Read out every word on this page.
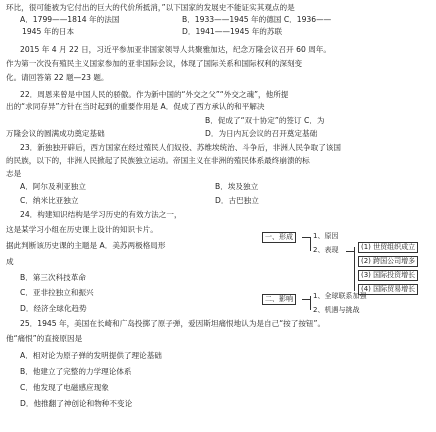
环比，很可能被为它付出的巨大的代价所抵消，”以下国家的发展史不能证实其观点的是
A．1799——1814 年的法国	B．1933——1945 年的德国 C．1936——
1945 年的日本	D．1941——1945 年的苏联
2015 年 4 月 22 日，习近平参加亚非国家领导人共聚雅加达，纪念万隆会议召开 60 周年。
作为第一次没有殖民主义国家参加的亚非国际会议，体现了国际关系和国际权利的深刻变
化。请回答第 22 题—23 题。
22．周恩来曾是中国人民的骄傲。作为新中国的“外交之父”“外交之魂”，他所提
出的“求同存异”方针在当时起到的重要作用是 A．促成了西方承认的和平解决
B．促成了“双十协定”的签订 C．为
万隆会议的圆满成功奠定基础	D．为日内瓦会议的召开奠定基础
23．新独独开辟后，西方国家在经过殖民人们奴役、苏维埃统治、斗争后，非洲人民争取了该国
的民族，以下的，非洲人民掀起了民族独立运动。帝国主义在非洲的殖民体系最终崩溃的标
志是
A．阿尔及利亚独立	B．埃及独立
C．纳米比亚独立	D．古巴独立
24．构建知识结构是学习历史的有效方法之一，
这是某学习小组在历史课上设计的知识卡片。
据此判断该历史课的主题是 A．美苏两极格局形
成
B．第三次科技革命
C．亚非拉独立和振兴
D．经济全球化趋势
一、形成	1、原因
2、表现	(1) 世贸组织成立
(2) 跨国公司增多
(3) 国际投资增长
(4) 国际贸易增长
二、影响	1、全球联系加强
2、机遇与挑战
25．1945 年，美国在长崎和广岛投掷了原子弹，爱因斯坦痛恨地认为是自己“按了按钮”。
他“痛恨”的直接原因是
A．相对论为原子弹的发明提供了理论基础
B．他建立了完整的力学理论体系
C．他发现了电磁感应现象
D．他推翻了神创论和物种不变论
